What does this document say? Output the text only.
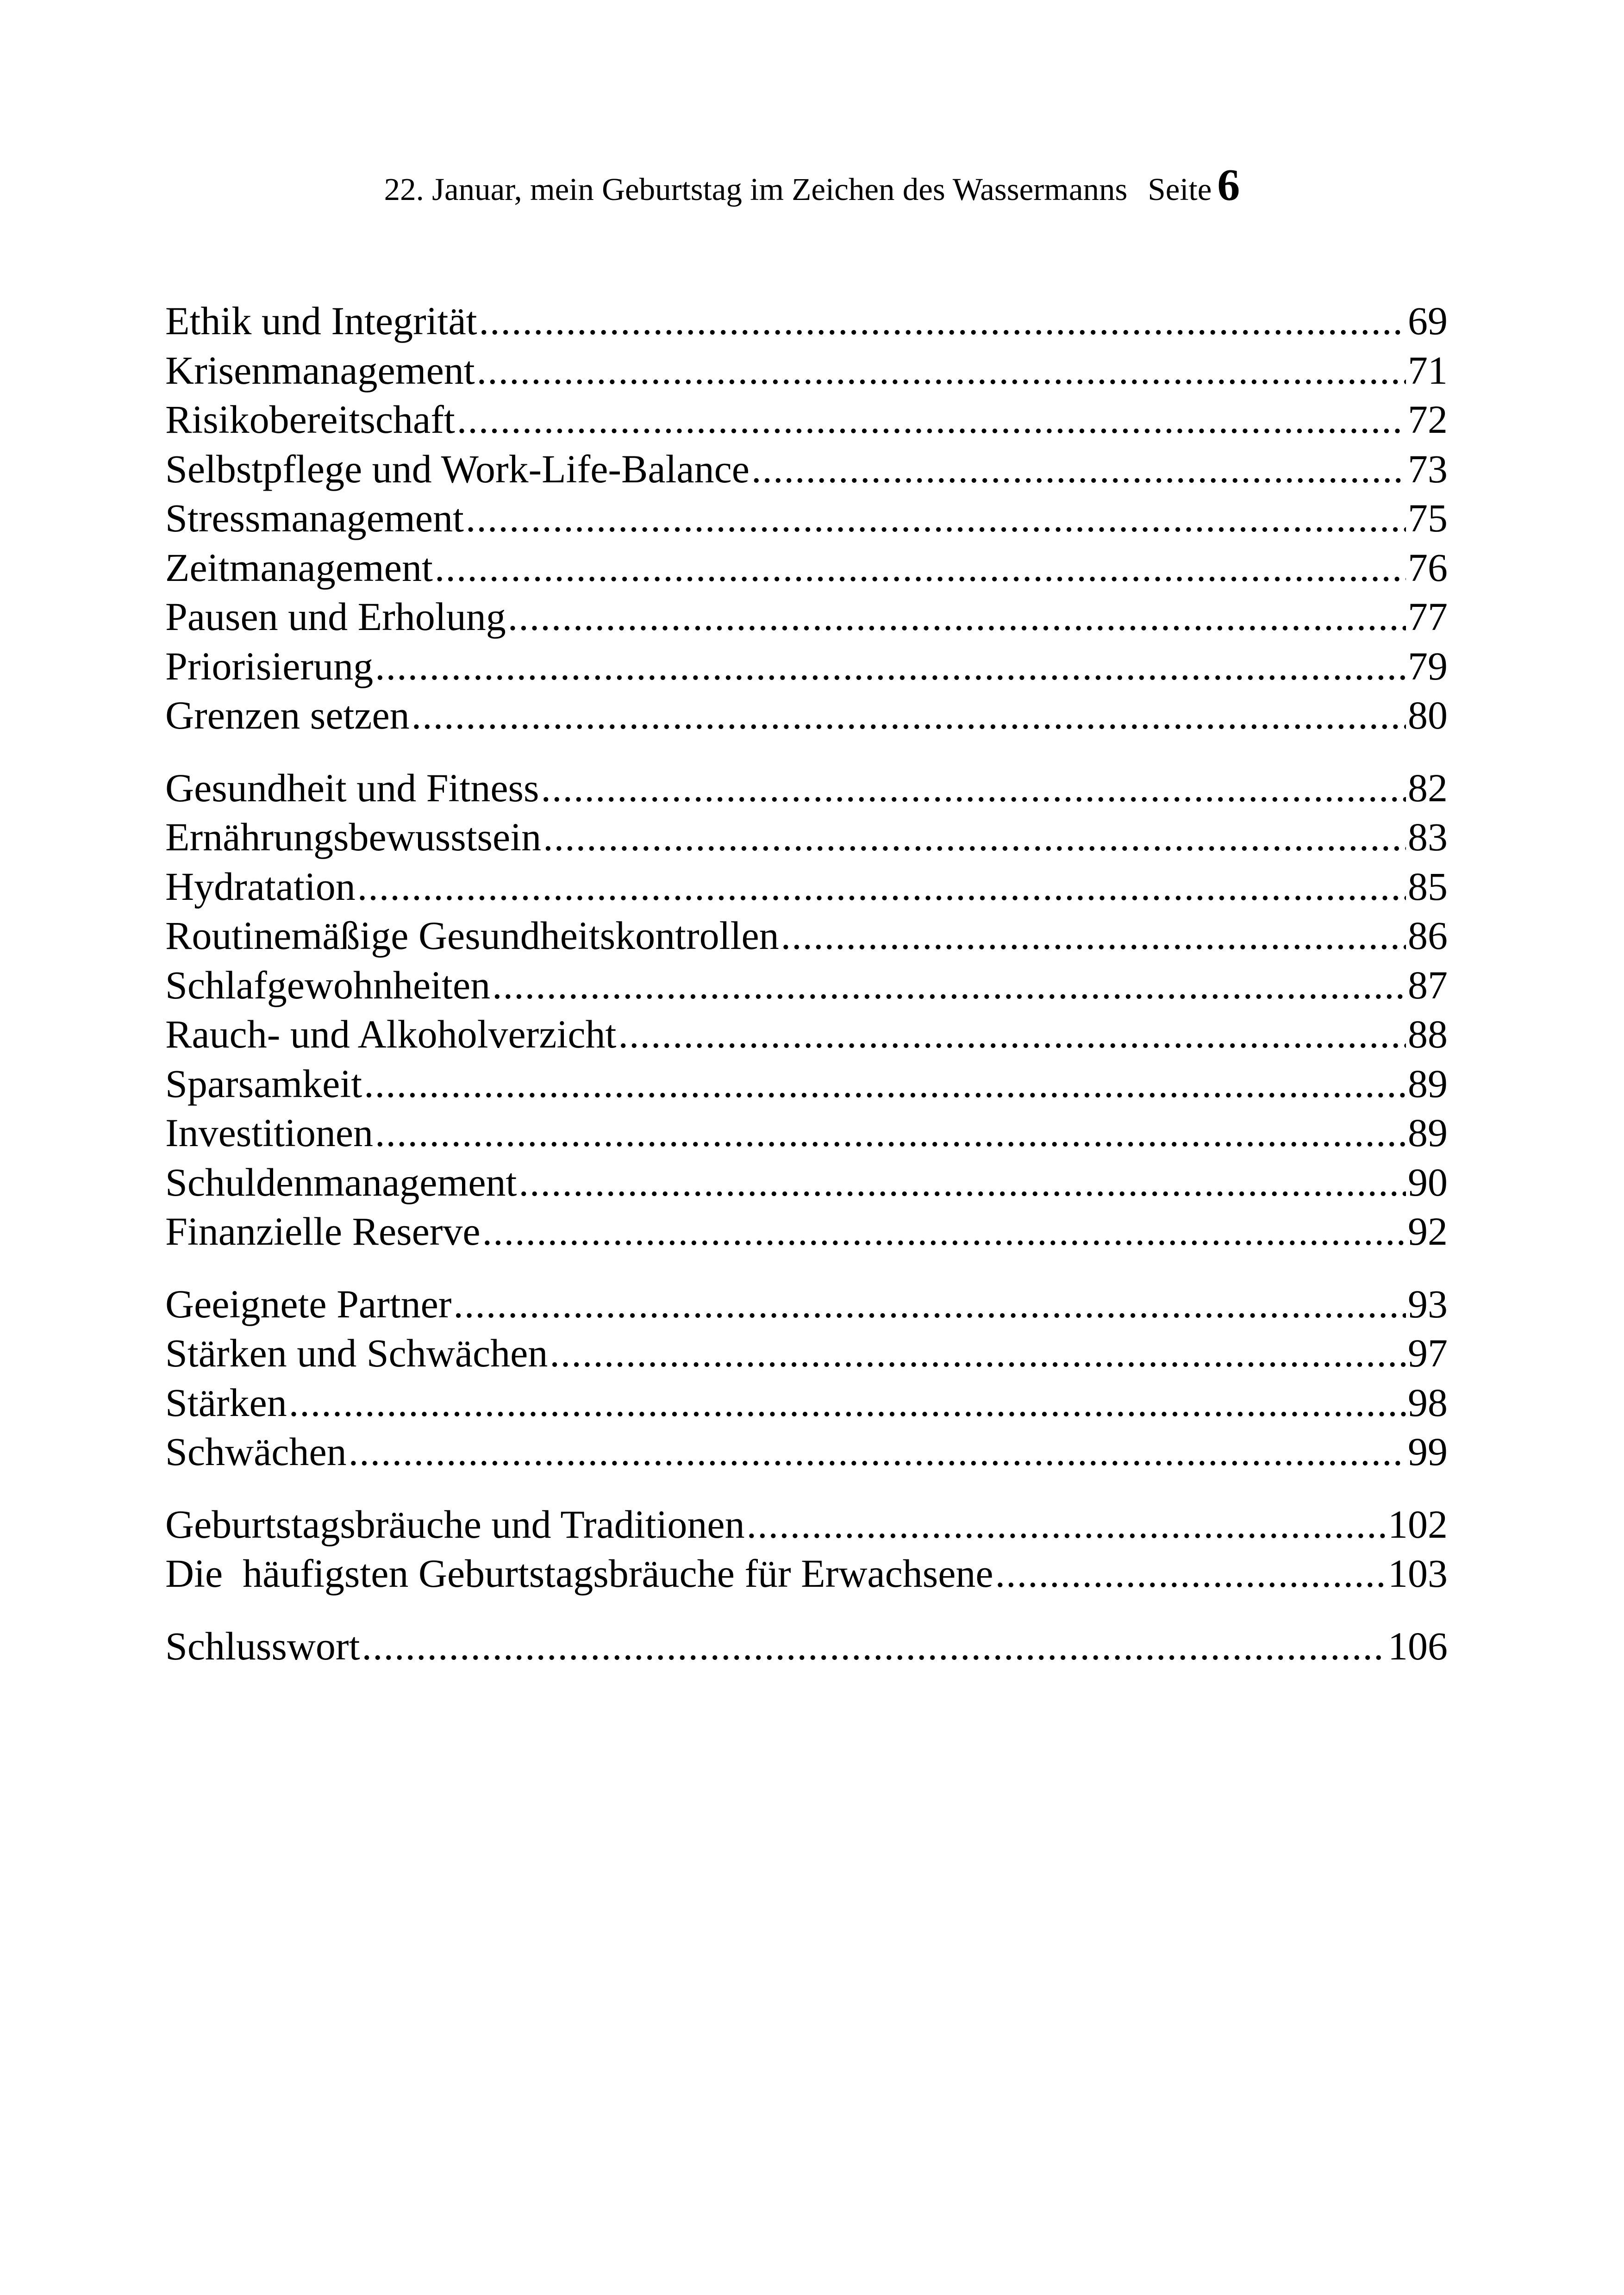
22. Januar, mein Geburtstag im Zeichen des Wassermanns Seite 6
Ethik und Integrität .....	69
Krisenmanagement .....	71
Risikobereitschaft .....	72
Selbstpflege und Work-Life-Balance .....	73
Stressmanagement .....	75
Zeitmanagement .....	76
Pausen und Erholung .....	77
Priorisierung .....	79
Grenzen setzen .....	80
Gesundheit und Fitness .....	82
Ernährungsbewusstsein .....	83
Hydratation .....	85
Routinemäßige Gesundheitskontrollen .....	86
Schlafgewohnheiten .....	87
Rauch- und Alkoholverzicht .....	88
Sparsamkeit .....	89
Investitionen .....	89
Schuldenmanagement .....	90
Finanzielle Reserve .....	92
Geeignete Partner .....	93
Stärken und Schwächen .....	97
Stärken .....	98
Schwächen .....	99
Geburtstagsbräuche und Traditionen .....	102
Die  häufigsten Geburtstagsbräuche für Erwachsene .....	103
Schlusswort .....	106
